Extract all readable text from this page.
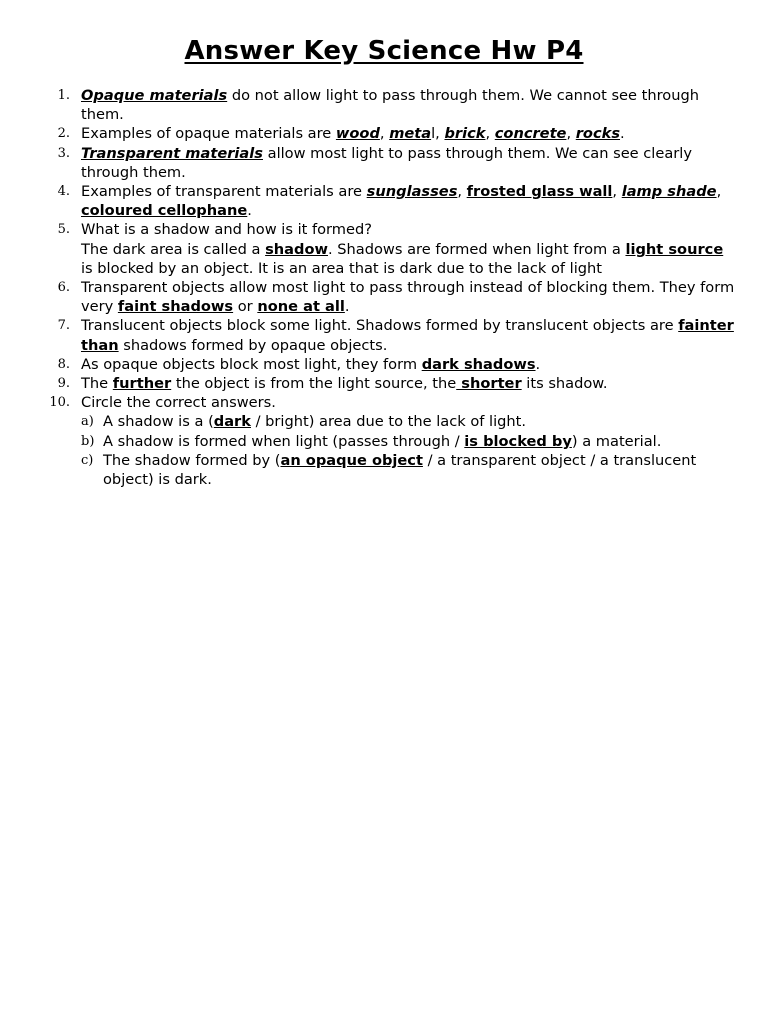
Answer Key Science Hw P4
1. Opaque materials do not allow light to pass through them. We cannot see through them.
2. Examples of opaque materials are wood, metal, brick, concrete, rocks.
3. Transparent materials allow most light to pass through them. We can see clearly through them.
4. Examples of transparent materials are sunglasses, frosted glass wall, lamp shade, coloured cellophane.
5. What is a shadow and how is it formed?
The dark area is called a shadow. Shadows are formed when light from a light source is blocked by an object. It is an area that is dark due to the lack of light
6. Transparent objects allow most light to pass through instead of blocking them. They form very faint shadows or none at all.
7. Translucent objects block some light. Shadows formed by translucent objects are fainter than shadows formed by opaque objects.
8. As opaque objects block most light, they form dark shadows.
9. The further the object is from the light source, the shorter its shadow.
10. Circle the correct answers.
a) A shadow is a (dark / bright) area due to the lack of light.
b) A shadow is formed when light (passes through / is blocked by) a material.
c) The shadow formed by (an opaque object / a transparent object / a translucent object) is dark.
